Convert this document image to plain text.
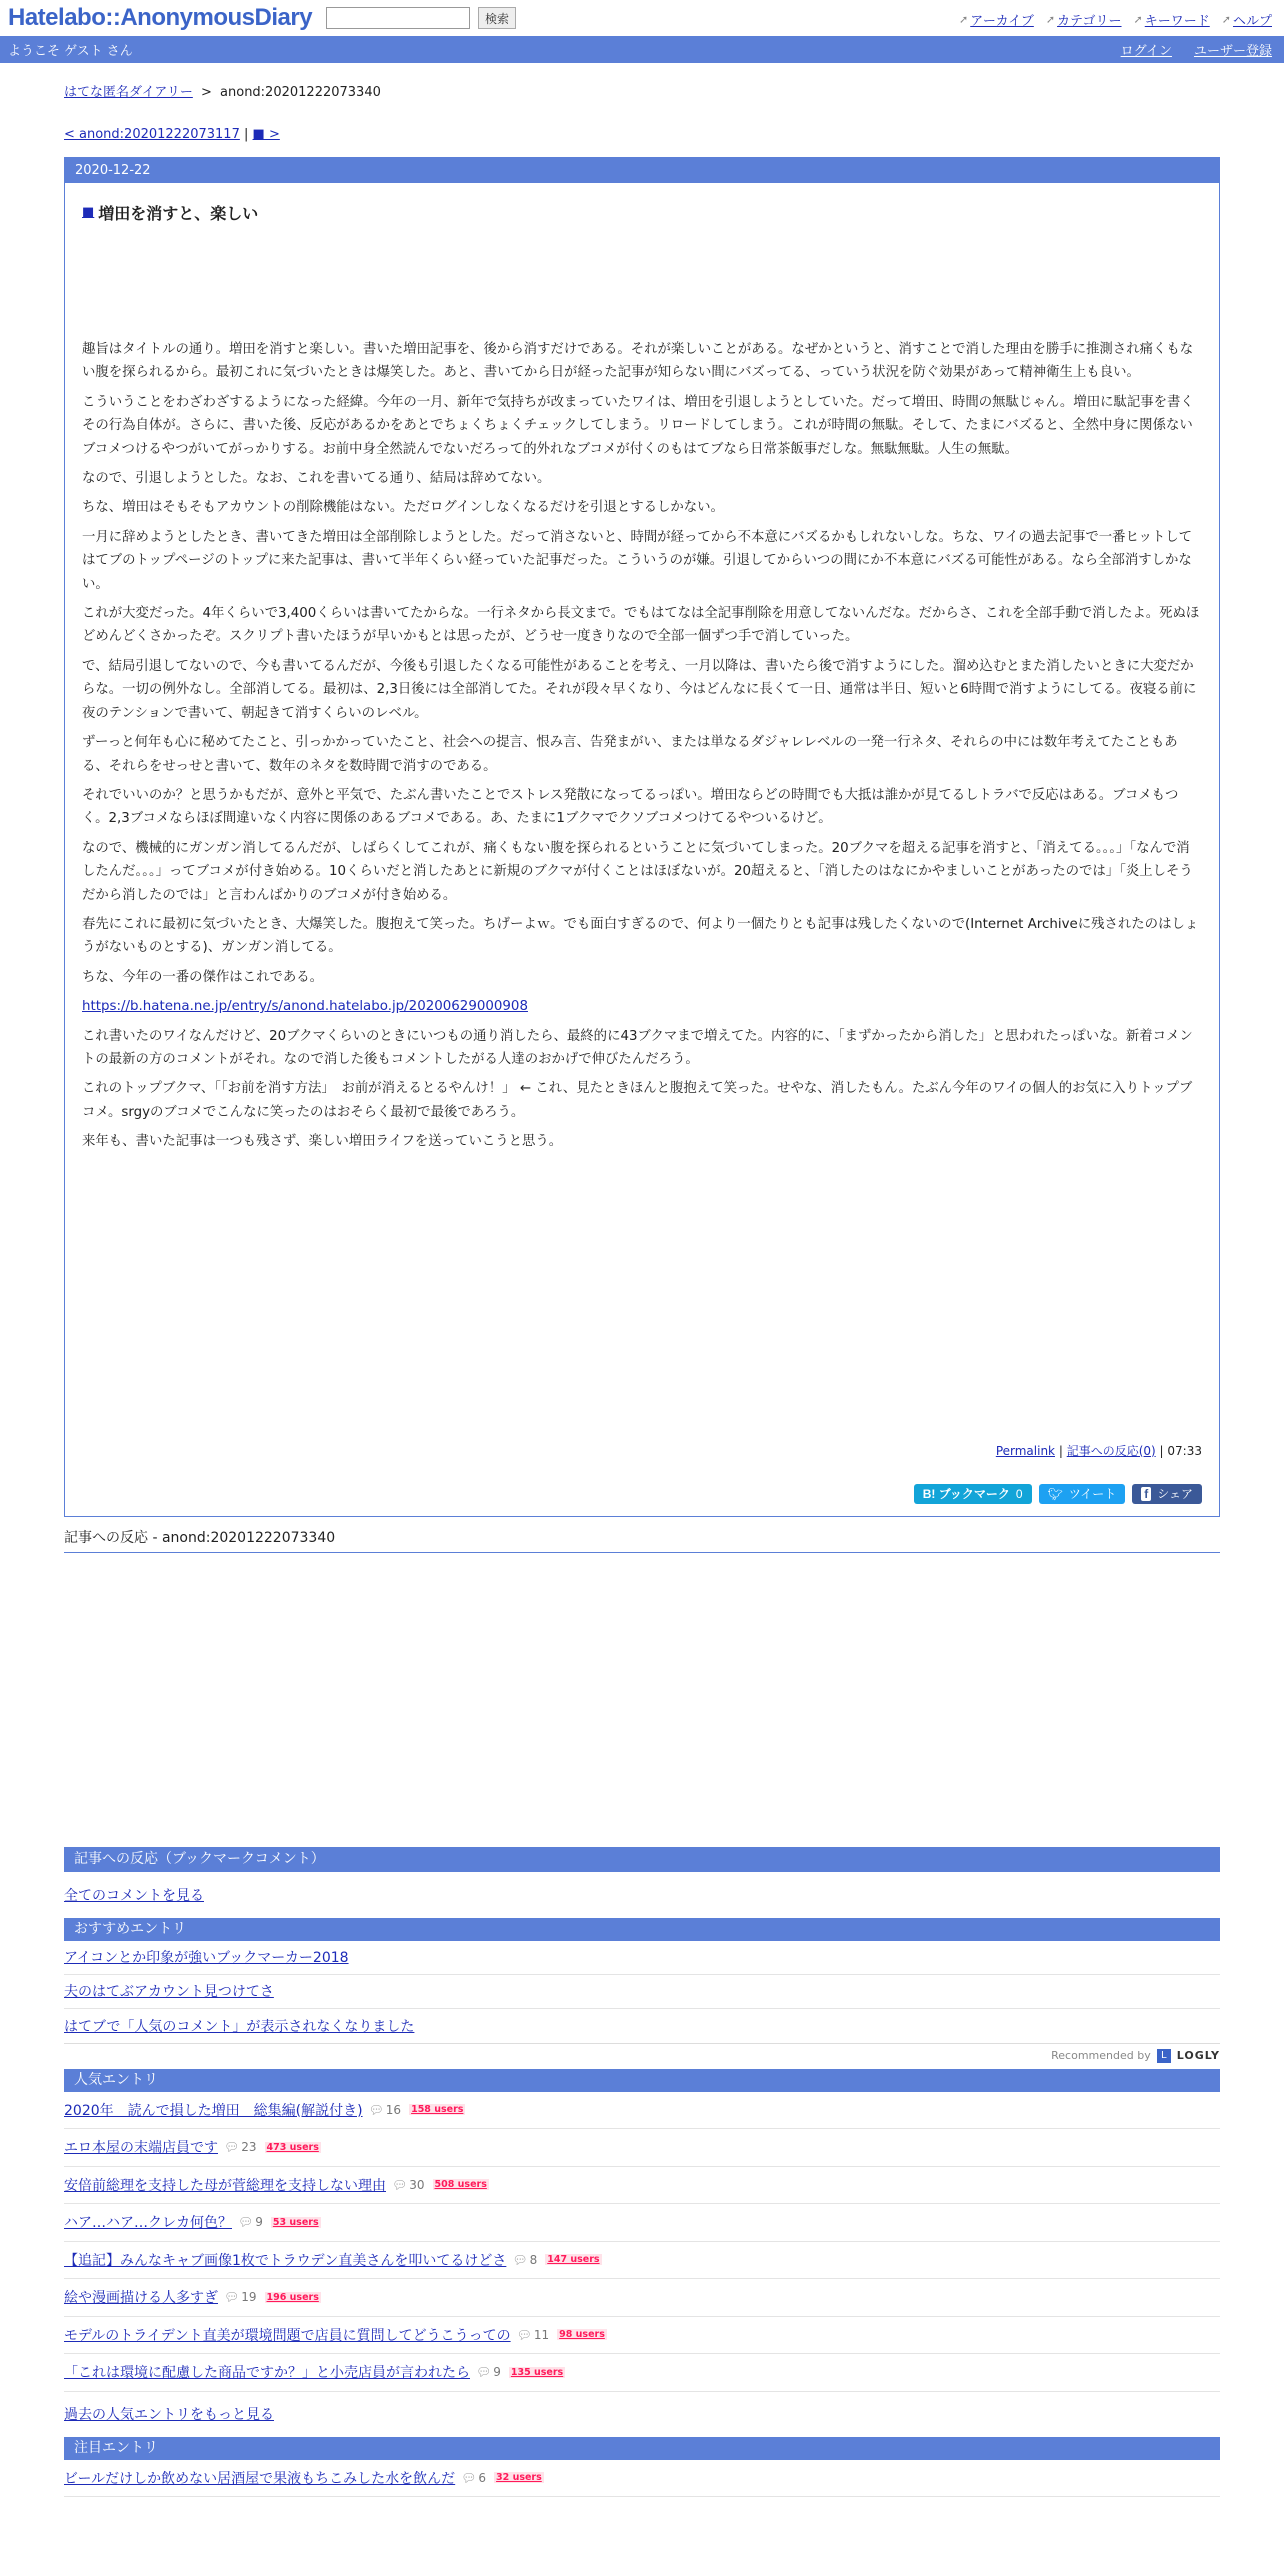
Hatelabo::AnonymousDiary	検索	➚ アーカイブ ➚ カテゴリー ➚ キーワード ➚ ヘルプ
ようこそ ゲスト さん	ログイン ユーザー登録
はてな匿名ダイアリー > anond:20201222073340
< anond:20201222073117 | ■ >
2020-12-22
■ 増田を消すと、楽しい

趣旨はタイトルの通り。増田を消すと楽しい。書いた増田記事を、後から消すだけである。それが楽しいことがある。なぜかというと、消すことで消した理由を勝手に推測され痛くもない腹を探られるから。最初これに気づいたときは爆笑した。あと、書いてから日が経った記事が知らない間にバズってる、っていう状況を防ぐ効果があって精神衛生上も良い。

こういうことをわざわざするようになった経緯。今年の一月、新年で気持ちが改まっていたワイは、増田を引退しようとしていた。だって増田、時間の無駄じゃん。増田に駄記事を書くその行為自体が。さらに、書いた後、反応があるかをあとでちょくちょくチェックしてしまう。リロードしてしまう。これが時間の無駄。そして、たまにバズると、全然中身に関係ないブコメつけるやつがいてがっかりする。お前中身全然読んでないだろって的外れなブコメが付くのもはてブなら日常茶飯事だしな。無駄無駄。人生の無駄。

なので、引退しようとした。なお、これを書いてる通り、結局は辞めてない。

ちな、増田はそもそもアカウントの削除機能はない。ただログインしなくなるだけを引退とするしかない。

一月に辞めようとしたとき、書いてきた増田は全部削除しようとした。だって消さないと、時間が経ってから不本意にバズるかもしれないしな。ちな、ワイの過去記事で一番ヒットしてはてブのトップページのトップに来た記事は、書いて半年くらい経っていた記事だった。こういうのが嫌。引退してからいつの間にか不本意にバズる可能性がある。なら全部消すしかない。

これが大変だった。4年くらいで3,400くらいは書いてたからな。一行ネタから長文まで。でもはてなは全記事削除を用意してないんだな。だからさ、これを全部手動で消したよ。死ぬほどめんどくさかったぞ。スクリプト書いたほうが早いかもとは思ったが、どうせ一度きりなので全部一個ずつ手で消していった。

で、結局引退してないので、今も書いてるんだが、今後も引退したくなる可能性があることを考え、一月以降は、書いたら後で消すようにした。溜め込むとまた消したいときに大変だからな。一切の例外なし。全部消してる。最初は、2,3日後には全部消してた。それが段々早くなり、今はどんなに長くて一日、通常は半日、短いと6時間で消すようにしてる。夜寝る前に夜のテンションで書いて、朝起きて消すくらいのレベル。

ずーっと何年も心に秘めてたこと、引っかかっていたこと、社会への提言、恨み言、告発まがい、または単なるダジャレレベルの一発一行ネタ、それらの中には数年考えてたこともある、それらをせっせと書いて、数年のネタを数時間で消すのである。

それでいいのか？と思うかもだが、意外と平気で、たぶん書いたことでストレス発散になってるっぽい。増田ならどの時間でも大抵は誰かが見てるしトラバで反応はある。ブコメもつく。2,3ブコメならほぼ間違いなく内容に関係のあるブコメである。あ、たまに1ブクマでクソブコメつけてるやついるけど。

なので、機械的にガンガン消してるんだが、しばらくしてこれが、痛くもない腹を探られるということに気づいてしまった。20ブクマを超える記事を消すと、「消えてる。。。」「なんで消したんだ。。。」ってブコメが付き始める。10くらいだと消したあとに新規のブクマが付くことはほぼないが。20超えると、「消したのはなにかやましいことがあったのでは」「炎上しそうだから消したのでは」と言わんばかりのブコメが付き始める。

春先にこれに最初に気づいたとき、大爆笑した。腹抱えて笑った。ちげーよｗ。でも面白すぎるので、何より一個たりとも記事は残したくないので(Internet Archiveに残されたのはしょうがないものとする)、ガンガン消してる。

ちな、今年の一番の傑作はこれである。

https://b.hatena.ne.jp/entry/s/anond.hatelabo.jp/20200629000908

これ書いたのワイなんだけど、20ブクマくらいのときにいつもの通り消したら、最終的に43ブクマまで増えてた。内容的に、「まずかったから消した」と思われたっぽいな。新着コメントの最新の方のコメントがそれ。なので消した後もコメントしたがる人達のおかげで伸びたんだろう。

これのトップブクマ、「「お前を消す方法」　お前が消えるとるやんけ！」 ← これ、見たときほんと腹抱えて笑った。せやな、消したもん。たぶん今年のワイの個人的お気に入りトップブコメ。srgyのブコメでこんなに笑ったのはおそらく最初で最後であろう。

来年も、書いた記事は一つも残さず、楽しい増田ライフを送っていこうと思う。

Permalink | 記事への反応(0) | 07:33
B! ブックマーク 0 🐦︎ ツイート f シェア
記事への反応 - anond:20201222073340
記事への反応（ブックマークコメント）
全てのコメントを見る
おすすめエントリ
アイコンとか印象が強いブックマーカー2018
夫のはてぶアカウント見つけてさ
はてブで「人気のコメント」が表示されなくなりました
Recommended by	L LOGLY
人気エントリ
2020年　読んで損した増田　総集編(解説付き) 💬︎ 16 158 users
エロ本屋の末端店員です 💬︎ 23 473 users
安倍前総理を支持した母が菅総理を支持しない理由 💬︎ 30 508 users
ハア…ハア…クレカ何色？ 💬︎ 9 53 users
【追記】みんなキャブ画像1枚でトラウデン直美さんを叩いてるけどさ 💬︎ 8 147 users
絵や漫画描ける人多すぎ 💬︎ 19 196 users
モデルのトライデント直美が環境問題で店員に質問してどうこうっての 💬︎ 11 98 users
「これは環境に配慮した商品ですか？」と小売店員が言われたら 💬︎ 9 135 users
過去の人気エントリをもっと見る
注目エントリ
ビールだけしか飲めない居酒屋で果液もちこみした水を飲んだ 💬︎ 6 32 users
